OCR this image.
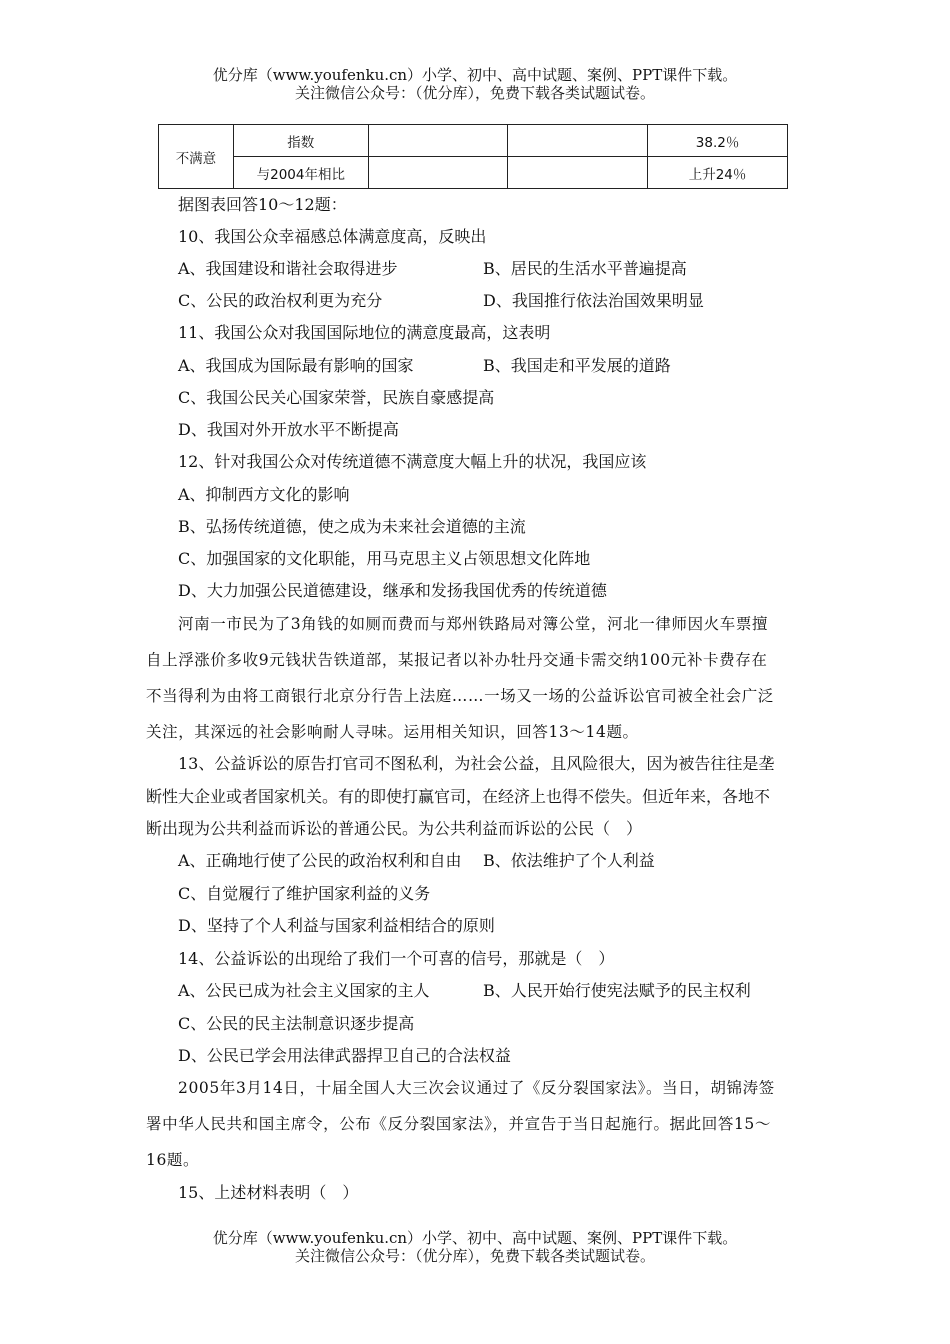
优分库（www.youfenku.cn）小学、初中、高中试题、案例、PPT课件下载。
关注微信公众号：（优分库），免费下载各类试题试卷。
不满意	指数			38.2％
	与2004年相比			上升24％
据图表回答10～12题：
10、我国公众幸福感总体满意度高，反映出
A、我国建设和谐社会取得进步	B、居民的生活水平普遍提高
C、公民的政治权利更为充分	D、我国推行依法治国效果明显
11、我国公众对我国国际地位的满意度最高，这表明
A、我国成为国际最有影响的国家	B、我国走和平发展的道路
C、我国公民关心国家荣誉，民族自豪感提高
D、我国对外开放水平不断提高
12、针对我国公众对传统道德不满意度大幅上升的状况，我国应该
A、抑制西方文化的影响
B、弘扬传统道德，使之成为未来社会道德的主流
C、加强国家的文化职能，用马克思主义占领思想文化阵地
D、大力加强公民道德建设，继承和发扬我国优秀的传统道德
河南一市民为了3角钱的如厕而费而与郑州铁路局对簿公堂，河北一律师因火车票擅
自上浮涨价多收9元钱状告铁道部，某报记者以补办牡丹交通卡需交纳100元补卡费存在
不当得利为由将工商银行北京分行告上法庭……一场又一场的公益诉讼官司被全社会广泛
关注，其深远的社会影响耐人寻味。运用相关知识，回答13～14题。
13、公益诉讼的原告打官司不图私利，为社会公益，且风险很大，因为被告往往是垄
断性大企业或者国家机关。有的即使打赢官司，在经济上也得不偿失。但近年来，各地不
断出现为公共利益而诉讼的普通公民。为公共利益而诉讼的公民（　）
A、正确地行使了公民的政治权利和自由 B、依法维护了个人利益
C、自觉履行了维护国家利益的义务
D、坚持了个人利益与国家利益相结合的原则
14、公益诉讼的出现给了我们一个可喜的信号，那就是（　）
A、公民已成为社会主义国家的主人	B、人民开始行使宪法赋予的民主权利
C、公民的民主法制意识逐步提高
D、公民已学会用法律武器捍卫自己的合法权益
2005年3月14日，十届全国人大三次会议通过了《反分裂国家法》。当日，胡锦涛签
署中华人民共和国主席令，公布《反分裂国家法》，并宣告于当日起施行。据此回答15～
16题。
15、上述材料表明（　）
优分库（www.youfenku.cn）小学、初中、高中试题、案例、PPT课件下载。
关注微信公众号：（优分库），免费下载各类试题试卷。
